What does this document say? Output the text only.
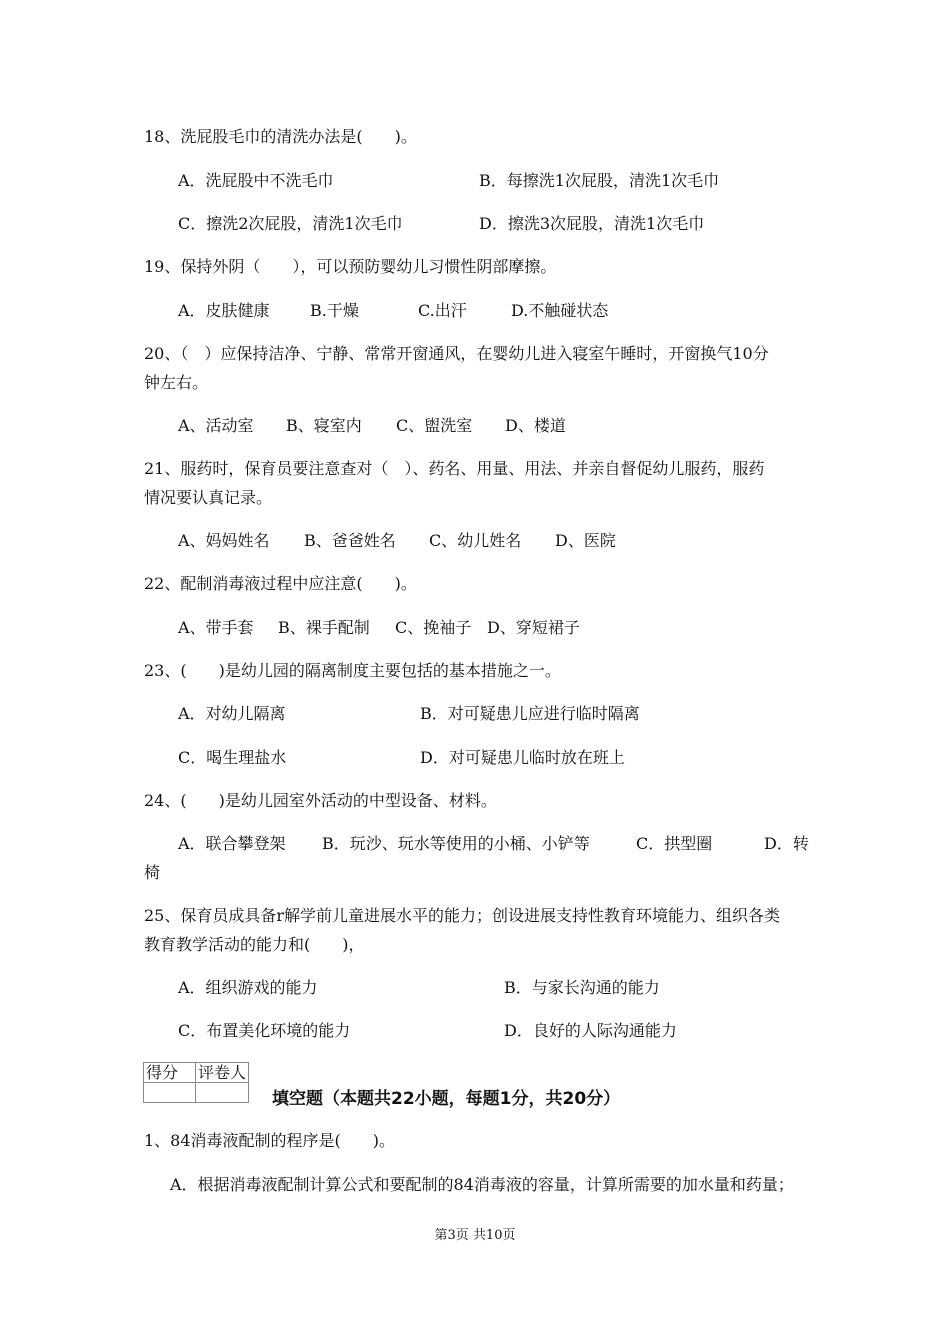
18、洗屁股毛巾的清洗办法是(　　)。
A．洗屁股中不洗毛巾	B．每擦洗1次屁股，清洗1次毛巾
C．擦洗2次屁股，清洗1次毛巾	D．擦洗3次屁股，清洗1次毛巾
19、保持外阴（　　），可以预防婴幼儿习惯性阴部摩擦。
A．皮肤健康	B.干燥	C.出汗	D.不触碰状态
20、（　）应保持洁净、宁静、常常开窗通风，在婴幼儿进入寝室午睡时，开窗换气10分
钟左右。
A、活动室 B、寝室内 C、盥洗室 D、楼道
21、服药时，保育员要注意查对（　）、药名、用量、用法、并亲自督促幼儿服药，服药
情况要认真记录。
A、妈妈姓名 B、爸爸姓名 C、幼儿姓名 D、医院
22、配制消毒液过程中应注意(　　)。
A、带手套 B、裸手配制 C、挽袖子 D、穿短裙子
23、(　　)是幼儿园的隔离制度主要包括的基本措施之一。
A．对幼儿隔离	B．对可疑患儿应进行临时隔离
C．喝生理盐水	D．对可疑患儿临时放在班上
24、(　　)是幼儿园室外活动的中型设备、材料。
A．联合攀登架 B．玩沙、玩水等使用的小桶、小铲等	C．拱型圈	D．转
椅
25、保育员成具备r解学前儿童进展水平的能力；创设进展支持性教育环境能力、组织各类
教育教学活动的能力和(　　)，
A．组织游戏的能力	B．与家长沟通的能力
C．布置美化环境的能力	D．良好的人际沟通能力
得分	评卷人

填空题（本题共22小题，每题1分，共20分）
1、84消毒液配制的程序是(　　)。
A．根据消毒液配制计算公式和要配制的84消毒液的容量，计算所需要的加水量和药量；
第3页 共10页
